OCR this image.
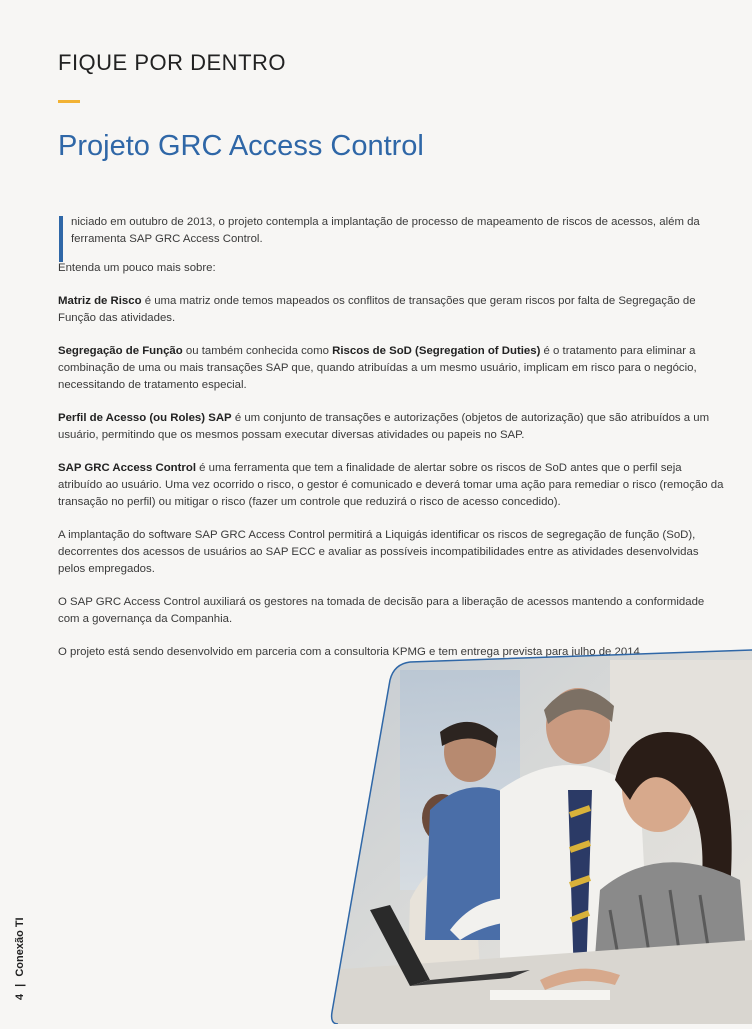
FIQUE POR DENTRO
Projeto GRC Access Control

niciado em outubro de 2013, o projeto contempla a implantação de processo de mapeamento de riscos de acessos, além da ferramenta SAP GRC Access Control.

Entenda um pouco mais sobre:

Matriz de Risco é uma matriz onde temos mapeados os conflitos de transações que geram riscos por falta de Segregação de Função das atividades.

Segregação de Função ou também conhecida como Riscos de SoD (Segregation of Duties) é o tratamento para eliminar a combinação de uma ou mais transações SAP que, quando atribuídas a um mesmo usuário, implicam em risco para o negócio, necessitando de tratamento especial.

Perfil de Acesso (ou Roles) SAP é um conjunto de transações e autorizações (objetos de autorização) que são atribuídos a um usuário, permitindo que os mesmos possam executar diversas atividades ou papeis no SAP.

SAP GRC Access Control é uma ferramenta que tem a finalidade de alertar sobre os riscos de SoD antes que o perfil seja atribuído ao usuário. Uma vez ocorrido o risco, o gestor é comunicado e deverá tomar uma ação para remediar o risco (remoção da transação no perfil) ou mitigar o risco (fazer um controle que reduzirá o risco de acesso concedido).

A implantação do software SAP GRC Access Control permitirá a Liquigás identificar os riscos de segregação de função (SoD), decorrentes dos acessos de usuários ao SAP ECC e avaliar as possíveis incompatibilidades entre as atividades desenvolvidas pelos empregados.

O SAP GRC Access Control auxiliará os gestores na tomada de decisão para a liberação de acessos mantendo a conformidade com a governança da Companhia.

O projeto está sendo desenvolvido em parceria com a consultoria KPMG e tem entrega prevista para julho de 2014.

4 | Conexão TI
